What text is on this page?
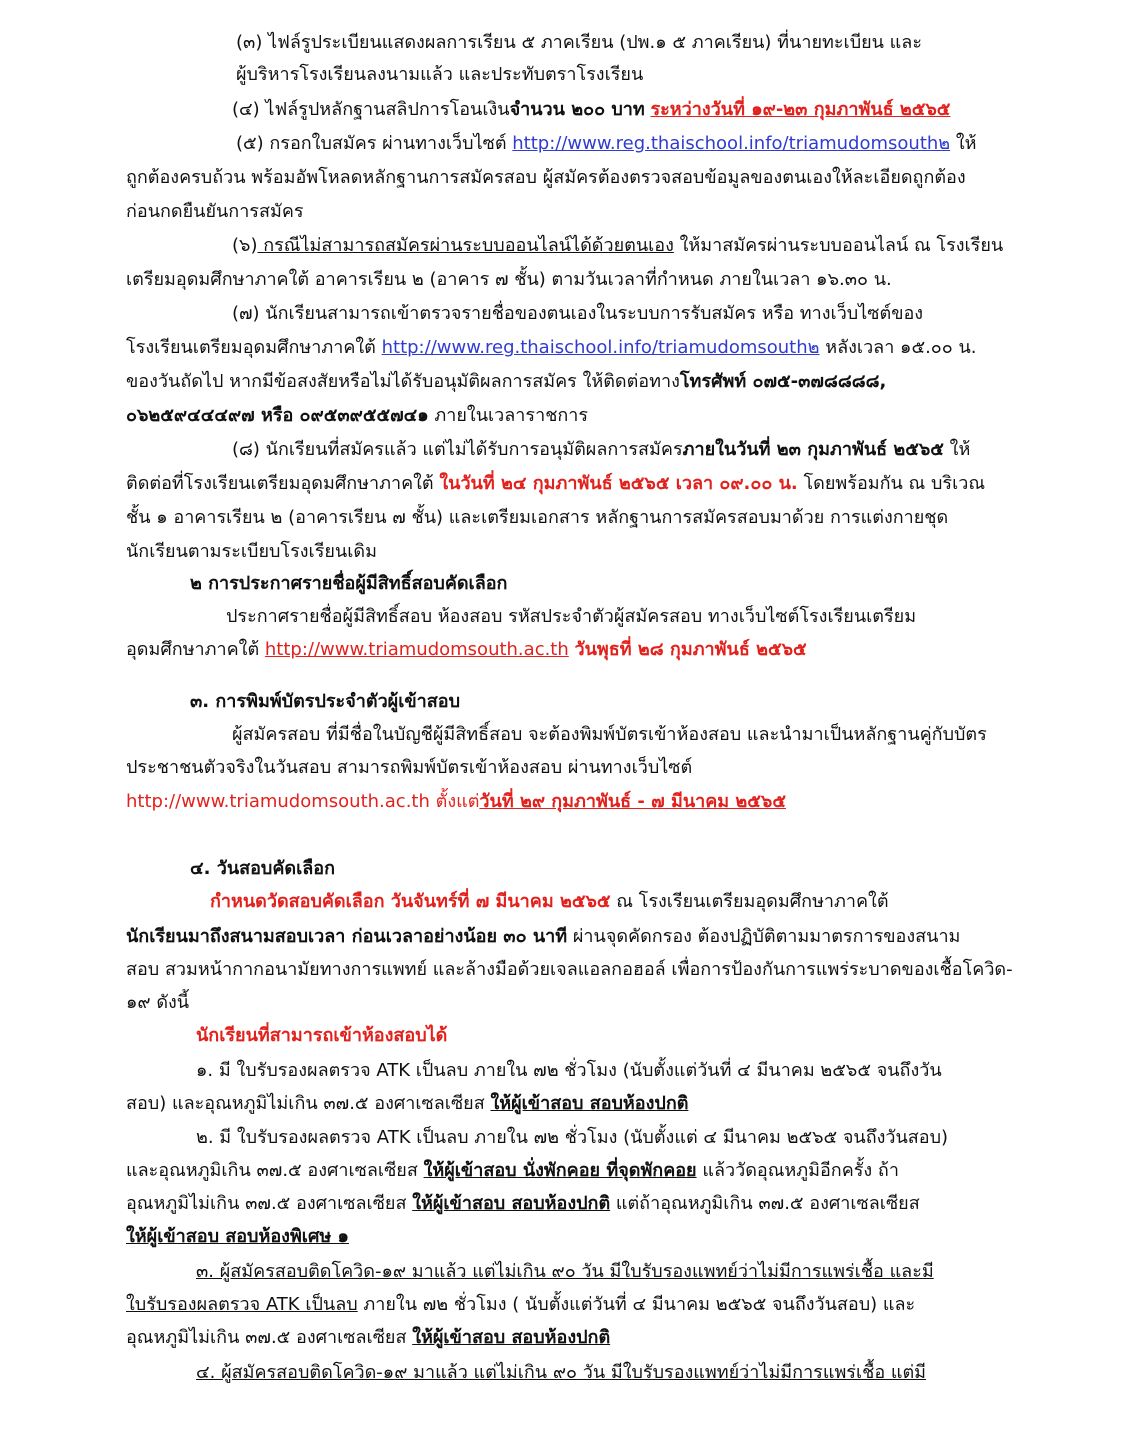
(๓) ไฟล์รูประเบียนแสดงผลการเรียน ๕ ภาคเรียน (ปพ.๑ ๕ ภาคเรียน) ที่นายทะเบียน และ
ผู้บริหารโรงเรียนลงนามแล้ว และประทับตราโรงเรียน
(๔) ไฟล์รูปหลักฐานสลิปการโอนเงินจำนวน ๒๐๐ บาท ระหว่างวันที่ ๑๙-๒๓ กุมภาพันธ์ ๒๕๖๕
(๕) กรอกใบสมัคร ผ่านทางเว็บไซต์ http://www.reg.thaischool.info/triamudomsouth๒ ให้
ถูกต้องครบถ้วน พร้อมอัพโหลดหลักฐานการสมัครสอบ ผู้สมัครต้องตรวจสอบข้อมูลของตนเองให้ละเอียดถูกต้อง
ก่อนกดยืนยันการสมัคร
(๖) กรณีไม่สามารถสมัครผ่านระบบออนไลน์ได้ด้วยตนเอง ให้มาสมัครผ่านระบบออนไลน์ ณ โรงเรียน
เตรียมอุดมศึกษาภาคใต้ อาคารเรียน ๒ (อาคาร ๗ ชั้น) ตามวันเวลาที่กำหนด ภายในเวลา ๑๖.๓๐ น.
(๗) นักเรียนสามารถเข้าตรวจรายชื่อของตนเองในระบบการรับสมัคร หรือ ทางเว็บไซต์ของ
โรงเรียนเตรียมอุดมศึกษาภาคใต้ http://www.reg.thaischool.info/triamudomsouth๒ หลังเวลา ๑๕.๐๐ น.
ของวันถัดไป หากมีข้อสงสัยหรือไม่ได้รับอนุมัติผลการสมัคร ให้ติดต่อทางโทรศัพท์ ๐๗๕-๓๗๘๘๘๘,
๐๖๒๕๙๔๔๔๙๗ หรือ ๐๙๕๓๙๕๕๗๔๑ ภายในเวลาราชการ
(๘) นักเรียนที่สมัครแล้ว แต่ไม่ได้รับการอนุมัติผลการสมัครภายในวันที่ ๒๓ กุมภาพันธ์ ๒๕๖๕ ให้
ติดต่อที่โรงเรียนเตรียมอุดมศึกษาภาคใต้ ในวันที่ ๒๔ กุมภาพันธ์ ๒๕๖๕ เวลา ๐๙.๐๐ น. โดยพร้อมกัน ณ บริเวณ
ชั้น ๑ อาคารเรียน ๒ (อาคารเรียน ๗ ชั้น) และเตรียมเอกสาร หลักฐานการสมัครสอบมาด้วย การแต่งกายชุด
นักเรียนตามระเบียบโรงเรียนเดิม
๒ การประกาศรายชื่อผู้มีสิทธิ์สอบคัดเลือก
ประกาศรายชื่อผู้มีสิทธิ์สอบ ห้องสอบ รหัสประจำตัวผู้สมัครสอบ ทางเว็บไซต์โรงเรียนเตรียม
อุดมศึกษาภาคใต้ http://www.triamudomsouth.ac.th วันพุธที่ ๒๘ กุมภาพันธ์ ๒๕๖๕
๓. การพิมพ์บัตรประจำตัวผู้เข้าสอบ
ผู้สมัครสอบ ที่มีชื่อในบัญชีผู้มีสิทธิ์สอบ จะต้องพิมพ์บัตรเข้าห้องสอบ และนำมาเป็นหลักฐานคู่กับบัตร
ประชาชนตัวจริงในวันสอบ สามารถพิมพ์บัตรเข้าห้องสอบ ผ่านทางเว็บไซต์
http://www.triamudomsouth.ac.th ตั้งแต่วันที่ ๒๙ กุมภาพันธ์ - ๗ มีนาคม ๒๕๖๕
๔. วันสอบคัดเลือก
กำหนดวัดสอบคัดเลือก วันจันทร์ที่ ๗ มีนาคม ๒๕๖๕ ณ โรงเรียนเตรียมอุดมศึกษาภาคใต้
นักเรียนมาถึงสนามสอบเวลา ก่อนเวลาอย่างน้อย ๓๐ นาที ผ่านจุดคัดกรอง ต้องปฏิบัติตามมาตรการของสนาม
สอบ สวมหน้ากากอนามัยทางการแพทย์ และล้างมือด้วยเจลแอลกอฮอล์ เพื่อการป้องกันการแพร่ระบาดของเชื้อโควิด-
๑๙ ดังนี้
นักเรียนที่สามารถเข้าห้องสอบได้
๑. มี ใบรับรองผลตรวจ ATK เป็นลบ ภายใน ๗๒ ชั่วโมง (นับตั้งแต่วันที่ ๔ มีนาคม ๒๕๖๕ จนถึงวัน
สอบ) และอุณหภูมิไม่เกิน ๓๗.๕ องศาเซลเซียส ให้ผู้เข้าสอบ สอบห้องปกติ
๒. มี ใบรับรองผลตรวจ ATK เป็นลบ ภายใน ๗๒ ชั่วโมง (นับตั้งแต่ ๔ มีนาคม ๒๕๖๕ จนถึงวันสอบ)
และอุณหภูมิเกิน ๓๗.๕ องศาเซลเซียส ให้ผู้เข้าสอบ นั่งพักคอย ที่จุดพักคอย แล้ววัดอุณหภูมิอีกครั้ง ถ้า
อุณหภูมิไม่เกิน ๓๗.๕ องศาเซลเซียส ให้ผู้เข้าสอบ สอบห้องปกติ แต่ถ้าอุณหภูมิเกิน ๓๗.๕ องศาเซลเซียส
ให้ผู้เข้าสอบ สอบห้องพิเศษ ๑
๓. ผู้สมัครสอบติดโควิด-๑๙ มาแล้ว แต่ไม่เกิน ๙๐ วัน มีใบรับรองแพทย์ว่าไม่มีการแพร่เชื้อ และมี
ใบรับรองผลตรวจ ATK เป็นลบ ภายใน ๗๒ ชั่วโมง ( นับตั้งแต่วันที่ ๔ มีนาคม ๒๕๖๕ จนถึงวันสอบ) และ
อุณหภูมิไม่เกิน ๓๗.๕ องศาเซลเซียส ให้ผู้เข้าสอบ สอบห้องปกติ
๔. ผู้สมัครสอบติดโควิด-๑๙ มาแล้ว แต่ไม่เกิน ๙๐ วัน มีใบรับรองแพทย์ว่าไม่มีการแพร่เชื้อ แต่มี
